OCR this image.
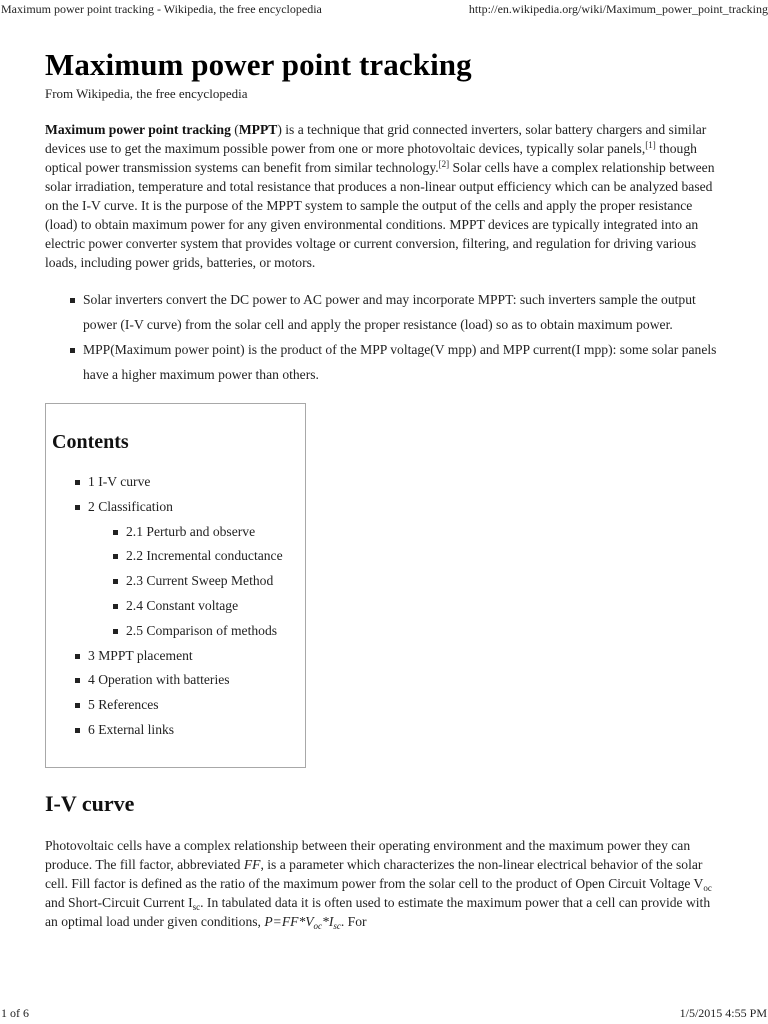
Maximum power point tracking - Wikipedia, the free encyclopedia	http://en.wikipedia.org/wiki/Maximum_power_point_tracking
Maximum power point tracking
From Wikipedia, the free encyclopedia

Maximum power point tracking (MPPT) is a technique that grid connected inverters, solar battery chargers and similar devices use to get the maximum possible power from one or more photovoltaic devices, typically solar panels,[1] though optical power transmission systems can benefit from similar technology.[2] Solar cells have a complex relationship between solar irradiation, temperature and total resistance that produces a non-linear output efficiency which can be analyzed based on the I-V curve. It is the purpose of the MPPT system to sample the output of the cells and apply the proper resistance (load) to obtain maximum power for any given environmental conditions. MPPT devices are typically integrated into an electric power converter system that provides voltage or current conversion, filtering, and regulation for driving various loads, including power grids, batteries, or motors.

Solar inverters convert the DC power to AC power and may incorporate MPPT: such inverters sample the output power (I-V curve) from the solar cell and apply the proper resistance (load) so as to obtain maximum power.
MPP(Maximum power point) is the product of the MPP voltage(V mpp) and MPP current(I mpp): some solar panels have a higher maximum power than others.
Contents
1 I-V curve
2 Classification
2.1 Perturb and observe
2.2 Incremental conductance
2.3 Current Sweep Method
2.4 Constant voltage
2.5 Comparison of methods
3 MPPT placement
4 Operation with batteries
5 References
6 External links
I-V curve

Photovoltaic cells have a complex relationship between their operating environment and the maximum power they can produce. The fill factor, abbreviated FF, is a parameter which characterizes the non-linear electrical behavior of the solar cell. Fill factor is defined as the ratio of the maximum power from the solar cell to the product of Open Circuit Voltage $V_{oc}$ and Short-Circuit Current $I_{sc}$. In tabulated data it is often used to estimate the maximum power that a cell can provide with an optimal load under given conditions, $P=FF*V_{oc}*I_{sc}$. For

1 of 6	1/5/2015 4:55 PM
